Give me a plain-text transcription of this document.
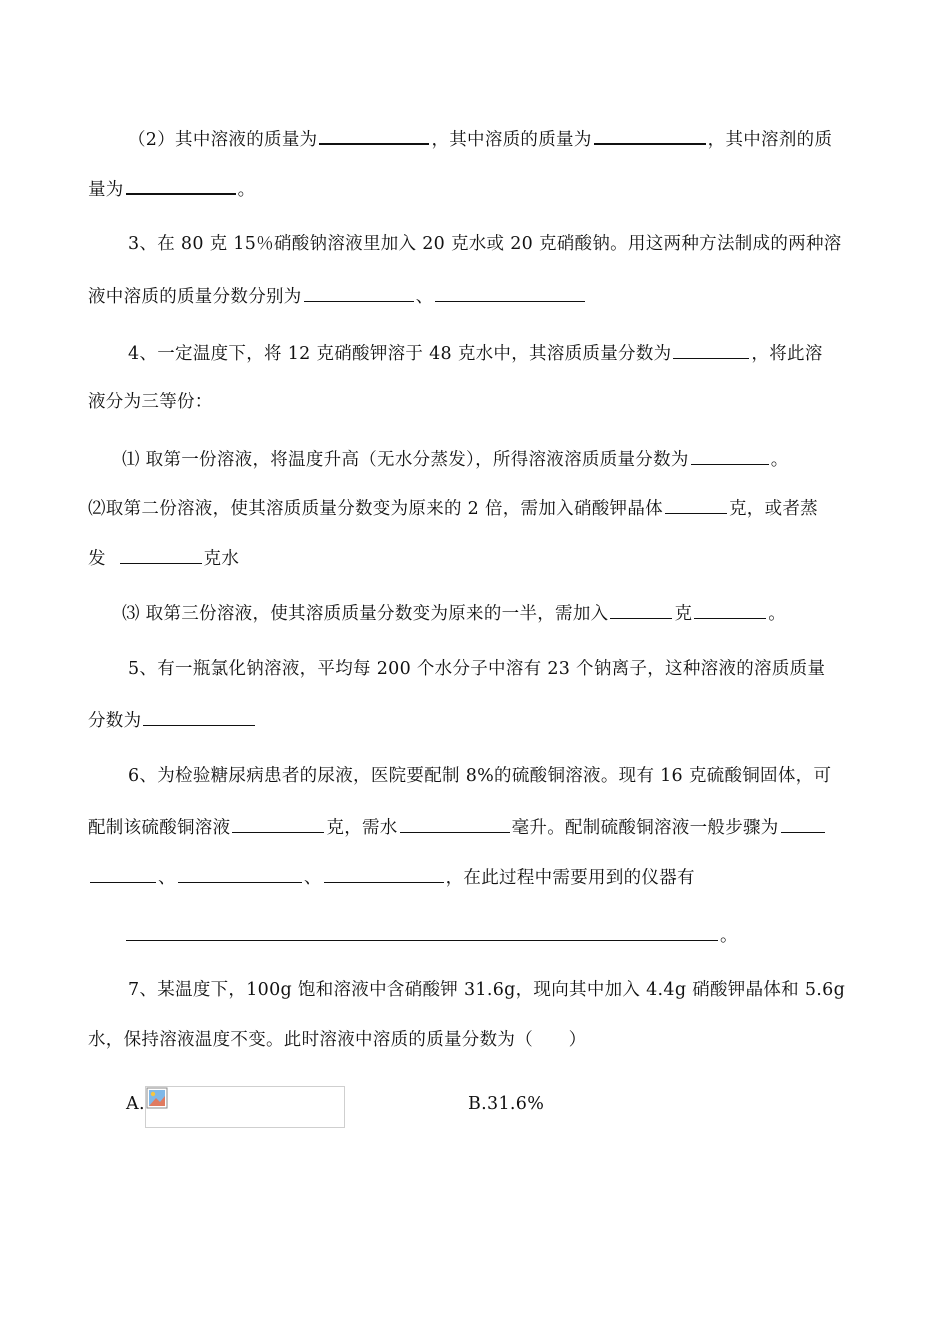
（2）其中溶液的质量为	，其中溶质的质量为	，其中溶剂的质
量为	。
3、在 80 克 15％硝酸钠溶液里加入 20 克水或 20 克硝酸钠。用这两种方法制成的两种溶
液中溶质的质量分数分别为	、
4、一定温度下，将 12 克硝酸钾溶于 48 克水中，其溶质质量分数为	，将此溶
液分为三等份：
⑴ 取第一份溶液，将温度升高（无水分蒸发），所得溶液溶质质量分数为	。
⑵取第二份溶液，使其溶质质量分数变为原来的 2 倍，需加入硝酸钾晶体	克，或者蒸
发	克水
⑶ 取第三份溶液，使其溶质质量分数变为原来的一半，需加入	克	。
5、有一瓶氯化钠溶液，平均每 200 个水分子中溶有 23 个钠离子，这种溶液的溶质质量
分数为
6、为检验糖尿病患者的尿液，医院要配制 8%的硫酸铜溶液。现有 16 克硫酸铜固体，可
配制该硫酸铜溶液	克，需水	毫升。配制硫酸铜溶液一般步骤为
、	、	，在此过程中需要用到的仪器有
。
7、某温度下，100g 饱和溶液中含硝酸钾 31.6g，现向其中加入 4.4g 硝酸钾晶体和 5.6g
水，保持溶液温度不变。此时溶液中溶质的质量分数为（　　）
A.	B.31.6%
